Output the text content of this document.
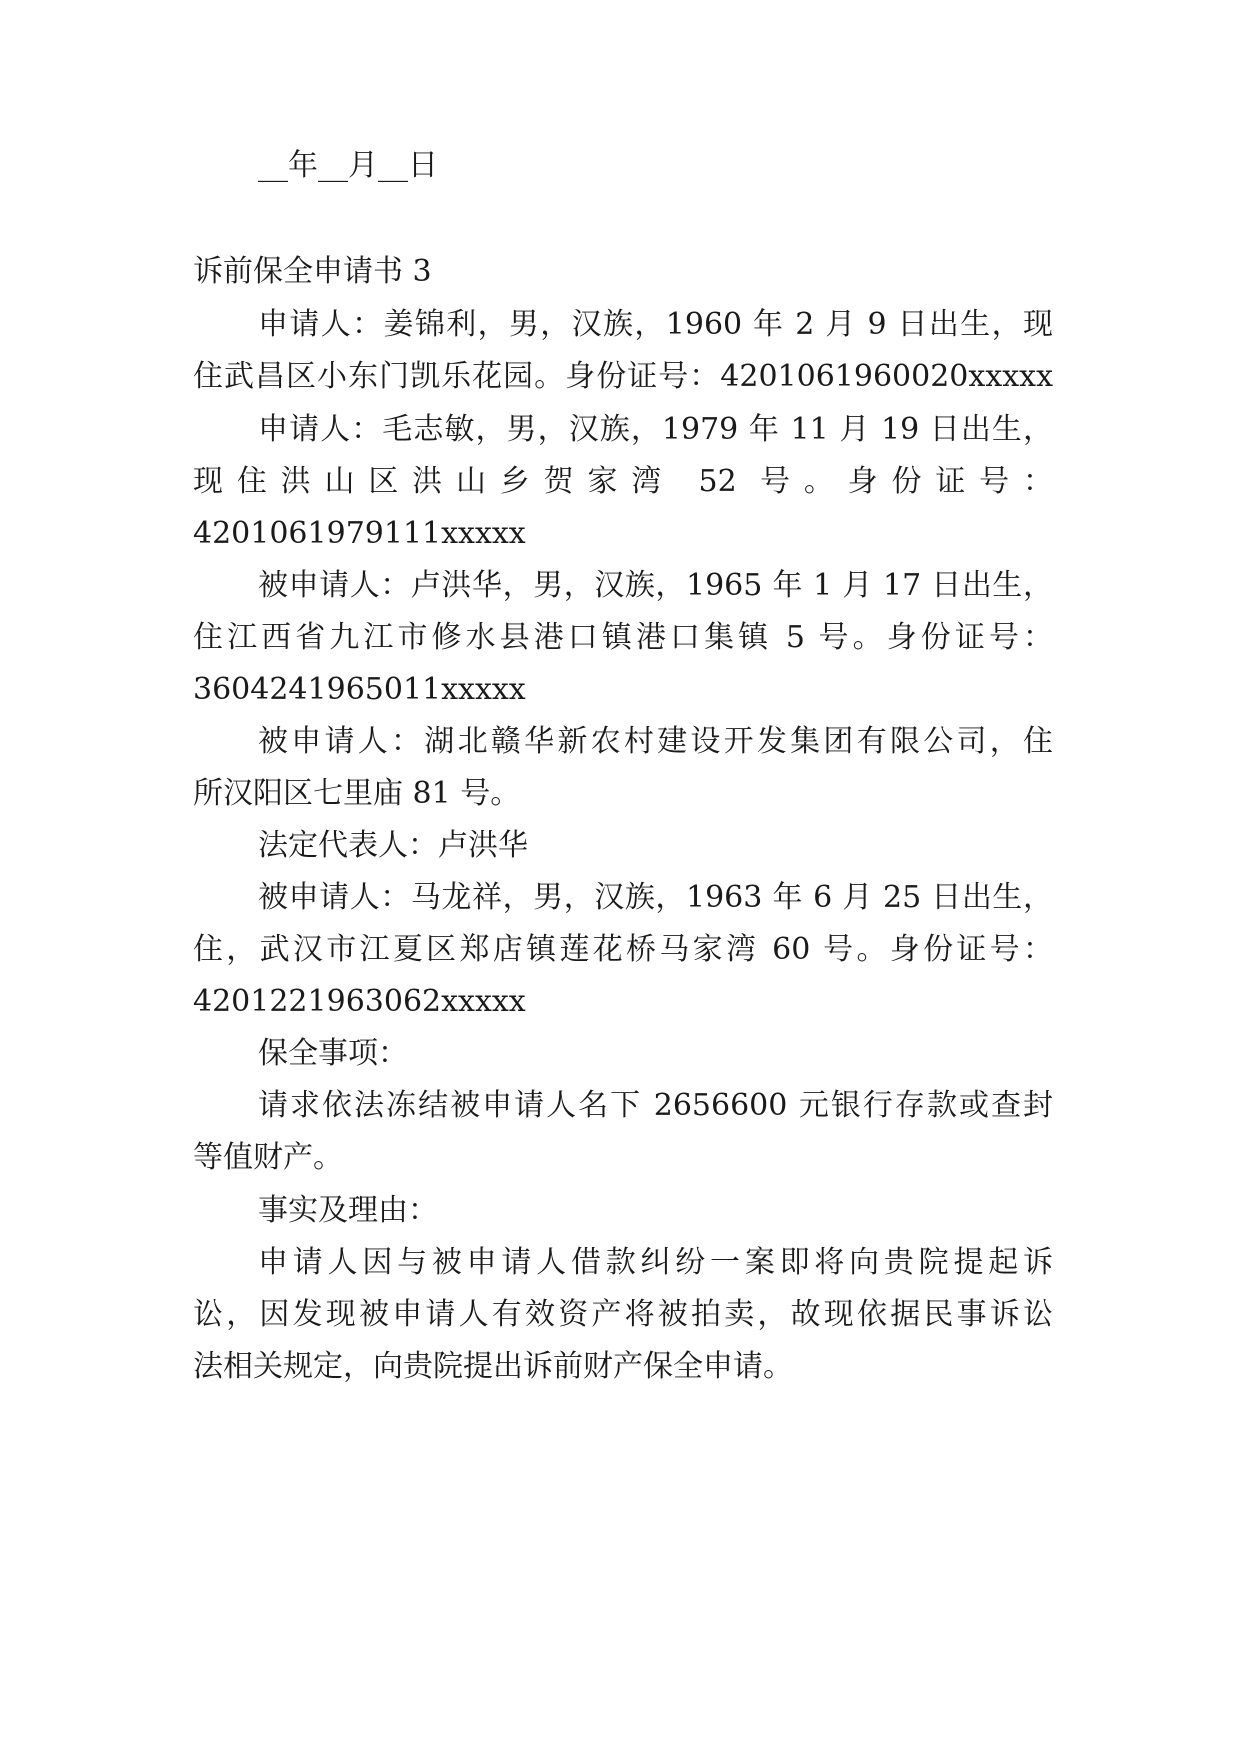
__年__月__日

诉前保全申请书 3

申请人：姜锦利，男，汉族，1960 年 2 月 9 日出生，现

住武昌区小东门凯乐花园。身份证号：4201061960020xxxxx

申请人：毛志敏，男，汉族，1979 年 11 月 19 日出生，

现住洪山区洪山乡贺家湾 52 号。身份证号：

4201061979111xxxxx

被申请人：卢洪华，男，汉族，1965 年 1 月 17 日出生，

住江西省九江市修水县港口镇港口集镇 5 号。身份证号：

3604241965011xxxxx

被申请人：湖北赣华新农村建设开发集团有限公司，住

所汉阳区七里庙 81 号。

法定代表人：卢洪华

被申请人：马龙祥，男，汉族，1963 年 6 月 25 日出生，

住，武汉市江夏区郑店镇莲花桥马家湾 60 号。身份证号：

4201221963062xxxxx

保全事项：

请求依法冻结被申请人名下 2656600 元银行存款或查封

等值财产。

事实及理由：

申请人因与被申请人借款纠纷一案即将向贵院提起诉

讼，因发现被申请人有效资产将被拍卖，故现依据民事诉讼

法相关规定，向贵院提出诉前财产保全申请。
